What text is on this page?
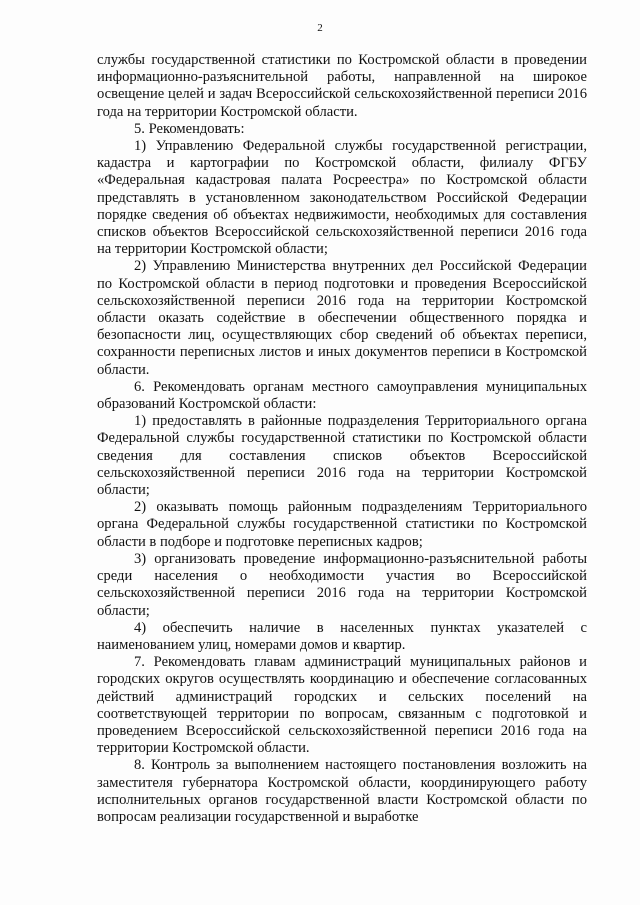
2

службы государственной статистики по Костромской области в проведении информационно-разъяснительной работы, направленной на широкое освещение целей и задач Всероссийской сельскохозяйственной переписи 2016 года на территории Костромской области.

5. Рекомендовать:

1) Управлению Федеральной службы государственной регистрации, кадастра и картографии по Костромской области, филиалу ФГБУ «Федеральная кадастровая палата Росреестра» по Костромской области представлять в установленном законодательством Российской Федерации порядке сведения об объектах недвижимости, необходимых для составления списков объектов Всероссийской сельскохозяйственной переписи 2016 года на территории Костромской области;

2) Управлению Министерства внутренних дел Российской Федерации по Костромской области в период подготовки и проведения Всероссийской сельскохозяйственной переписи 2016 года на территории Костромской области оказать содействие в обеспечении общественного порядка и безопасности лиц, осуществляющих сбор сведений об объектах переписи, сохранности переписных листов и иных документов переписи в Костромской области.

6. Рекомендовать органам местного самоуправления муниципальных образований Костромской области:

1) предоставлять в районные подразделения Территориального органа Федеральной службы государственной статистики по Костромской области сведения для составления списков объектов Всероссийской сельскохозяйственной переписи 2016 года на территории Костромской области;

2) оказывать помощь районным подразделениям Территориального органа Федеральной службы государственной статистики по Костромской области в подборе и подготовке переписных кадров;

3) организовать проведение информационно-разъяснительной работы среди населения о необходимости участия во Всероссийской сельскохозяйственной переписи 2016 года на территории Костромской области;

4) обеспечить наличие в населенных пунктах указателей с наименованием улиц, номерами домов и квартир.

7. Рекомендовать главам администраций муниципальных районов и городских округов осуществлять координацию и обеспечение согласованных действий администраций городских и сельских поселений на соответствующей территории по вопросам, связанным с подготовкой и проведением Всероссийской сельскохозяйственной переписи 2016 года на территории Костромской области.

8. Контроль за выполнением настоящего постановления возложить на заместителя губернатора Костромской области, координирующего работу исполнительных органов государственной власти Костромской области по вопросам реализации государственной и выработке
